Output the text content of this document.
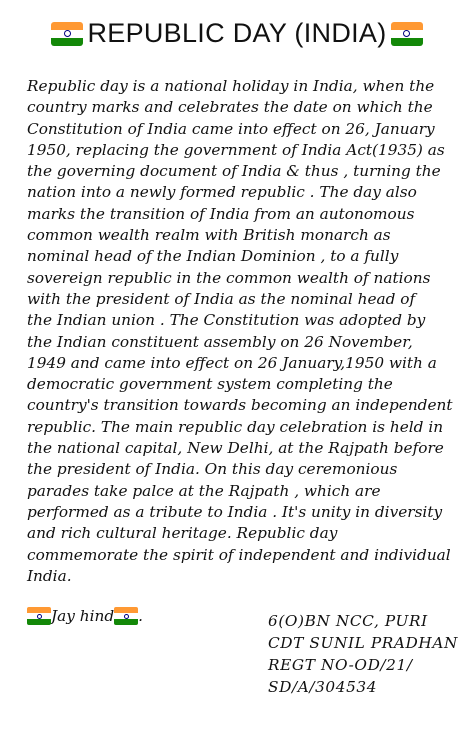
REPUBLIC DAY (INDIA)
Republic day is a national holiday in India, when the
country marks and celebrates the date on which the
Constitution of India came into effect on 26, January
1950, replacing the government of India Act(1935) as
the governing document of India & thus , turning the
nation into a newly formed republic . The day also
marks the transition of India from an autonomous
common wealth realm with British monarch as
nominal head of the Indian Dominion , to a fully
sovereign republic in the common wealth of nations
with the president of India as the nominal head of
the Indian union . The Constitution was adopted by
the Indian constituent assembly on 26 November,
1949 and came into effect on 26 January,1950 with a
democratic government system completing the
country's transition towards becoming an independent
republic. The main republic day celebration is held in
the national capital, New Delhi, at the Rajpath before
the president of India. On this day ceremonious
parades take palce at the Rajpath , which are
performed as a tribute to India . It's unity in diversity
and rich cultural heritage. Republic day
commemorate the spirit of independent and individual
India.
Jay hind .	6(O)BN NCC, PURI
CDT SUNIL PRADHAN
REGT NO-OD/21/
SD/A/304534
